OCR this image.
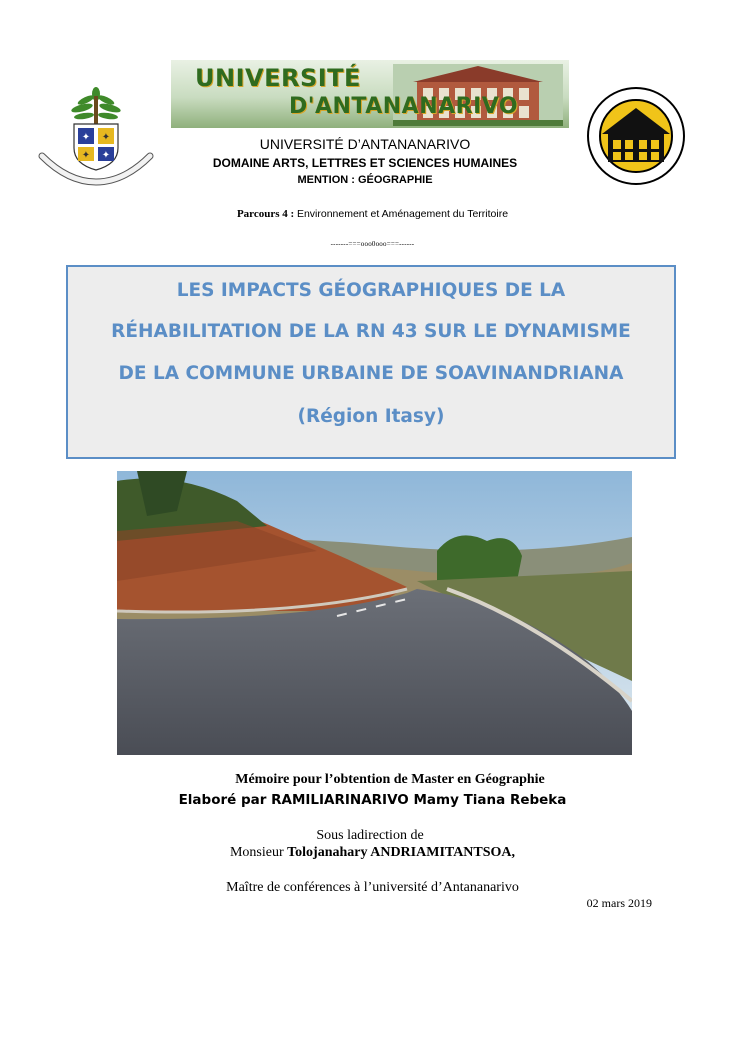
✦ ✦
✦ ✦
UNIVERSITÉ
D'ANTANANARIVO
UNIVERSITÉ D’ANTANANARIVO
DOMAINE ARTS, LETTRES ET SCIENCES HUMAINES
MENTION : GÉOGRAPHIE
Parcours 4 : Environnement et Aménagement du Territoire
-------===ooo0ooo===------
LES IMPACTS GÉOGRAPHIQUES DE LA
RÉHABILITATION DE LA RN 43 SUR LE DYNAMISME
DE LA COMMUNE URBAINE DE SOAVINANDRIANA
(Région Itasy)
Mémoire pour l’obtention de Master en Géographie
Elaboré par RAMILIARINARIVO Mamy Tiana Rebeka
Sous ladirection de
Monsieur Tolojanahary ANDRIAMITANTSOA,
Maître de conférences à l’université d’Antananarivo
02 mars 2019
